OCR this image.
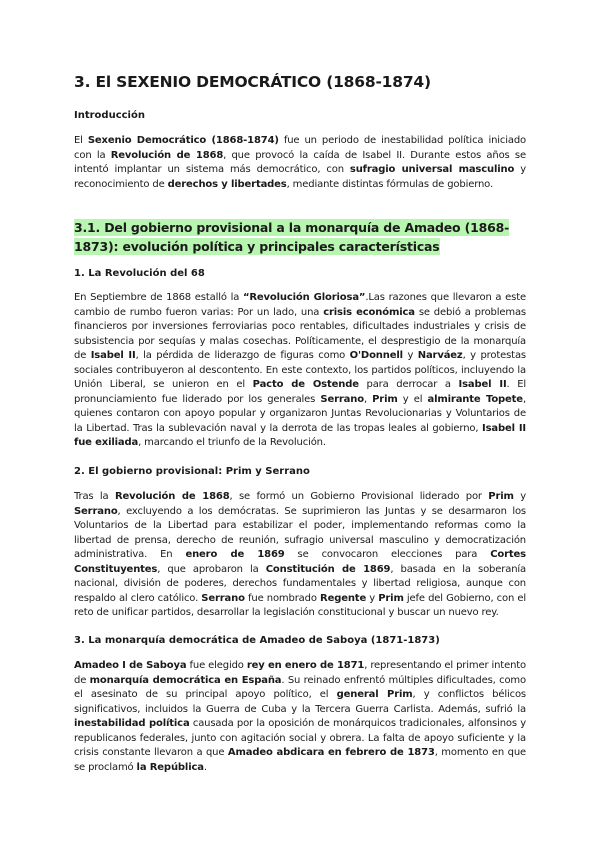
3. El SEXENIO DEMOCRÁTICO (1868-1874)
Introducción

El Sexenio Democrático (1868-1874) fue un periodo de inestabilidad política iniciado con la Revolución de 1868, que provocó la caída de Isabel II. Durante estos años se intentó implantar un sistema más democrático, con sufragio universal masculino y reconocimiento de derechos y libertades, mediante distintas fórmulas de gobierno.

3.1. Del gobierno provisional a la monarquía de Amadeo (1868-1873): evolución política y principales características
1. La Revolución del 68

En Septiembre de 1868 estalló la “Revolución Gloriosa”.Las razones que llevaron a este cambio de rumbo fueron varias: Por un lado, una crisis económica se debió a problemas financieros por inversiones ferroviarias poco rentables, dificultades industriales y crisis de subsistencia por sequías y malas cosechas. Políticamente, el desprestigio de la monarquía de Isabel II, la pérdida de liderazgo de figuras como O'Donnell y Narváez, y protestas sociales contribuyeron al descontento. En este contexto, los partidos políticos, incluyendo la Unión Liberal, se unieron en el Pacto de Ostende para derrocar a Isabel II. El pronunciamiento fue liderado por los generales Serrano, Prim y el almirante Topete, quienes contaron con apoyo popular y organizaron Juntas Revolucionarias y Voluntarios de la Libertad. Tras la sublevación naval y la derrota de las tropas leales al gobierno, Isabel II fue exiliada, marcando el triunfo de la Revolución.

2. El gobierno provisional: Prim y Serrano

Tras la Revolución de 1868, se formó un Gobierno Provisional liderado por Prim y Serrano, excluyendo a los demócratas. Se suprimieron las Juntas y se desarmaron los Voluntarios de la Libertad para estabilizar el poder, implementando reformas como la libertad de prensa, derecho de reunión, sufragio universal masculino y democratización administrativa. En enero de 1869 se convocaron elecciones para Cortes Constituyentes, que aprobaron la Constitución de 1869, basada en la soberanía nacional, división de poderes, derechos fundamentales y libertad religiosa, aunque con respaldo al clero católico. Serrano fue nombrado Regente y Prim jefe del Gobierno, con el reto de unificar partidos, desarrollar la legislación constitucional y buscar un nuevo rey.

3. La monarquía democrática de Amadeo de Saboya (1871-1873)

Amadeo I de Saboya fue elegido rey en enero de 1871, representando el primer intento de monarquía democrática en España. Su reinado enfrentó múltiples dificultades, como el asesinato de su principal apoyo político, el general Prim, y conflictos bélicos significativos, incluidos la Guerra de Cuba y la Tercera Guerra Carlista. Además, sufrió la inestabilidad política causada por la oposición de monárquicos tradicionales, alfonsinos y republicanos federales, junto con agitación social y obrera. La falta de apoyo suficiente y la crisis constante llevaron a que Amadeo abdicara en febrero de 1873, momento en que se proclamó la República.
